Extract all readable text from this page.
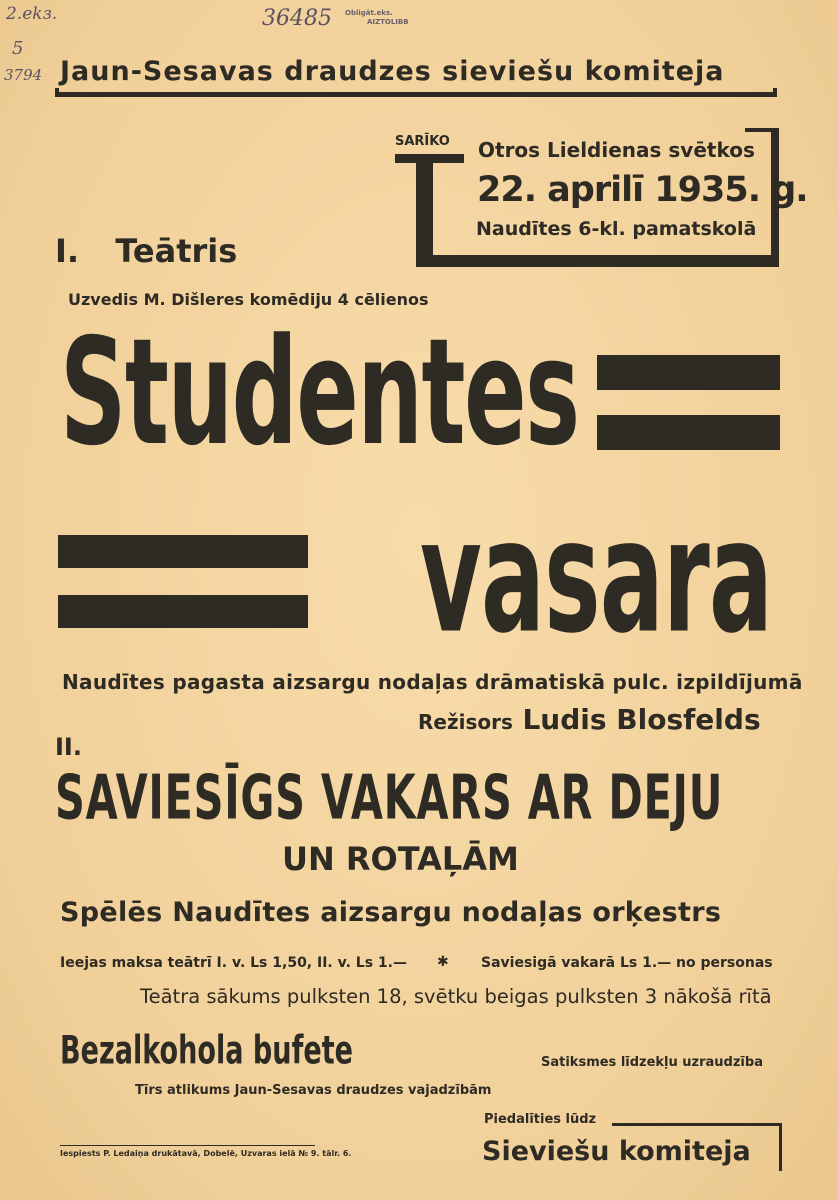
2.ekз.
5
3794
36485 Obligāt.eks.
AIZTOLIBB
Jaun-Sesavas draudzes sieviešu komiteja
SARĪKO Otros Lieldienas svētkos
22. aprilī 1935. g.
Naudītes 6-kl. pamatskolā
I. Teātris
Uzvedis M. Dišleres komēdiju 4 cēlienos
Studentes
vasara
Naudītes pagasta aizsargu nodaļas drāmatiskā pulc. izpildījumā
Režisors Ludis Blosfelds
II.
SAVIESĪGS VAKARS AR DEJU
UN ROTAĻĀM
Spēlēs Naudītes aizsargu nodaļas orķestrs
Ieejas maksa teātrī I. v. Ls 1,50, II. v. Ls 1.— ✱ Saviesigā vakarā Ls 1.— no personas
Teātra sākums pulksten 18, svētku beigas pulksten 3 nākošā rītā
Bezalkohola bufete	Satiksmes līdzekļu uzraudzība
Tīrs atlikums Jaun-Sesavas draudzes vajadzībām
Piedalīties lūdz
Sieviešu komiteja
Iespiests P. Ledaiņa drukātavā, Dobelē, Uzvaras ielā № 9. tālr. 6.
